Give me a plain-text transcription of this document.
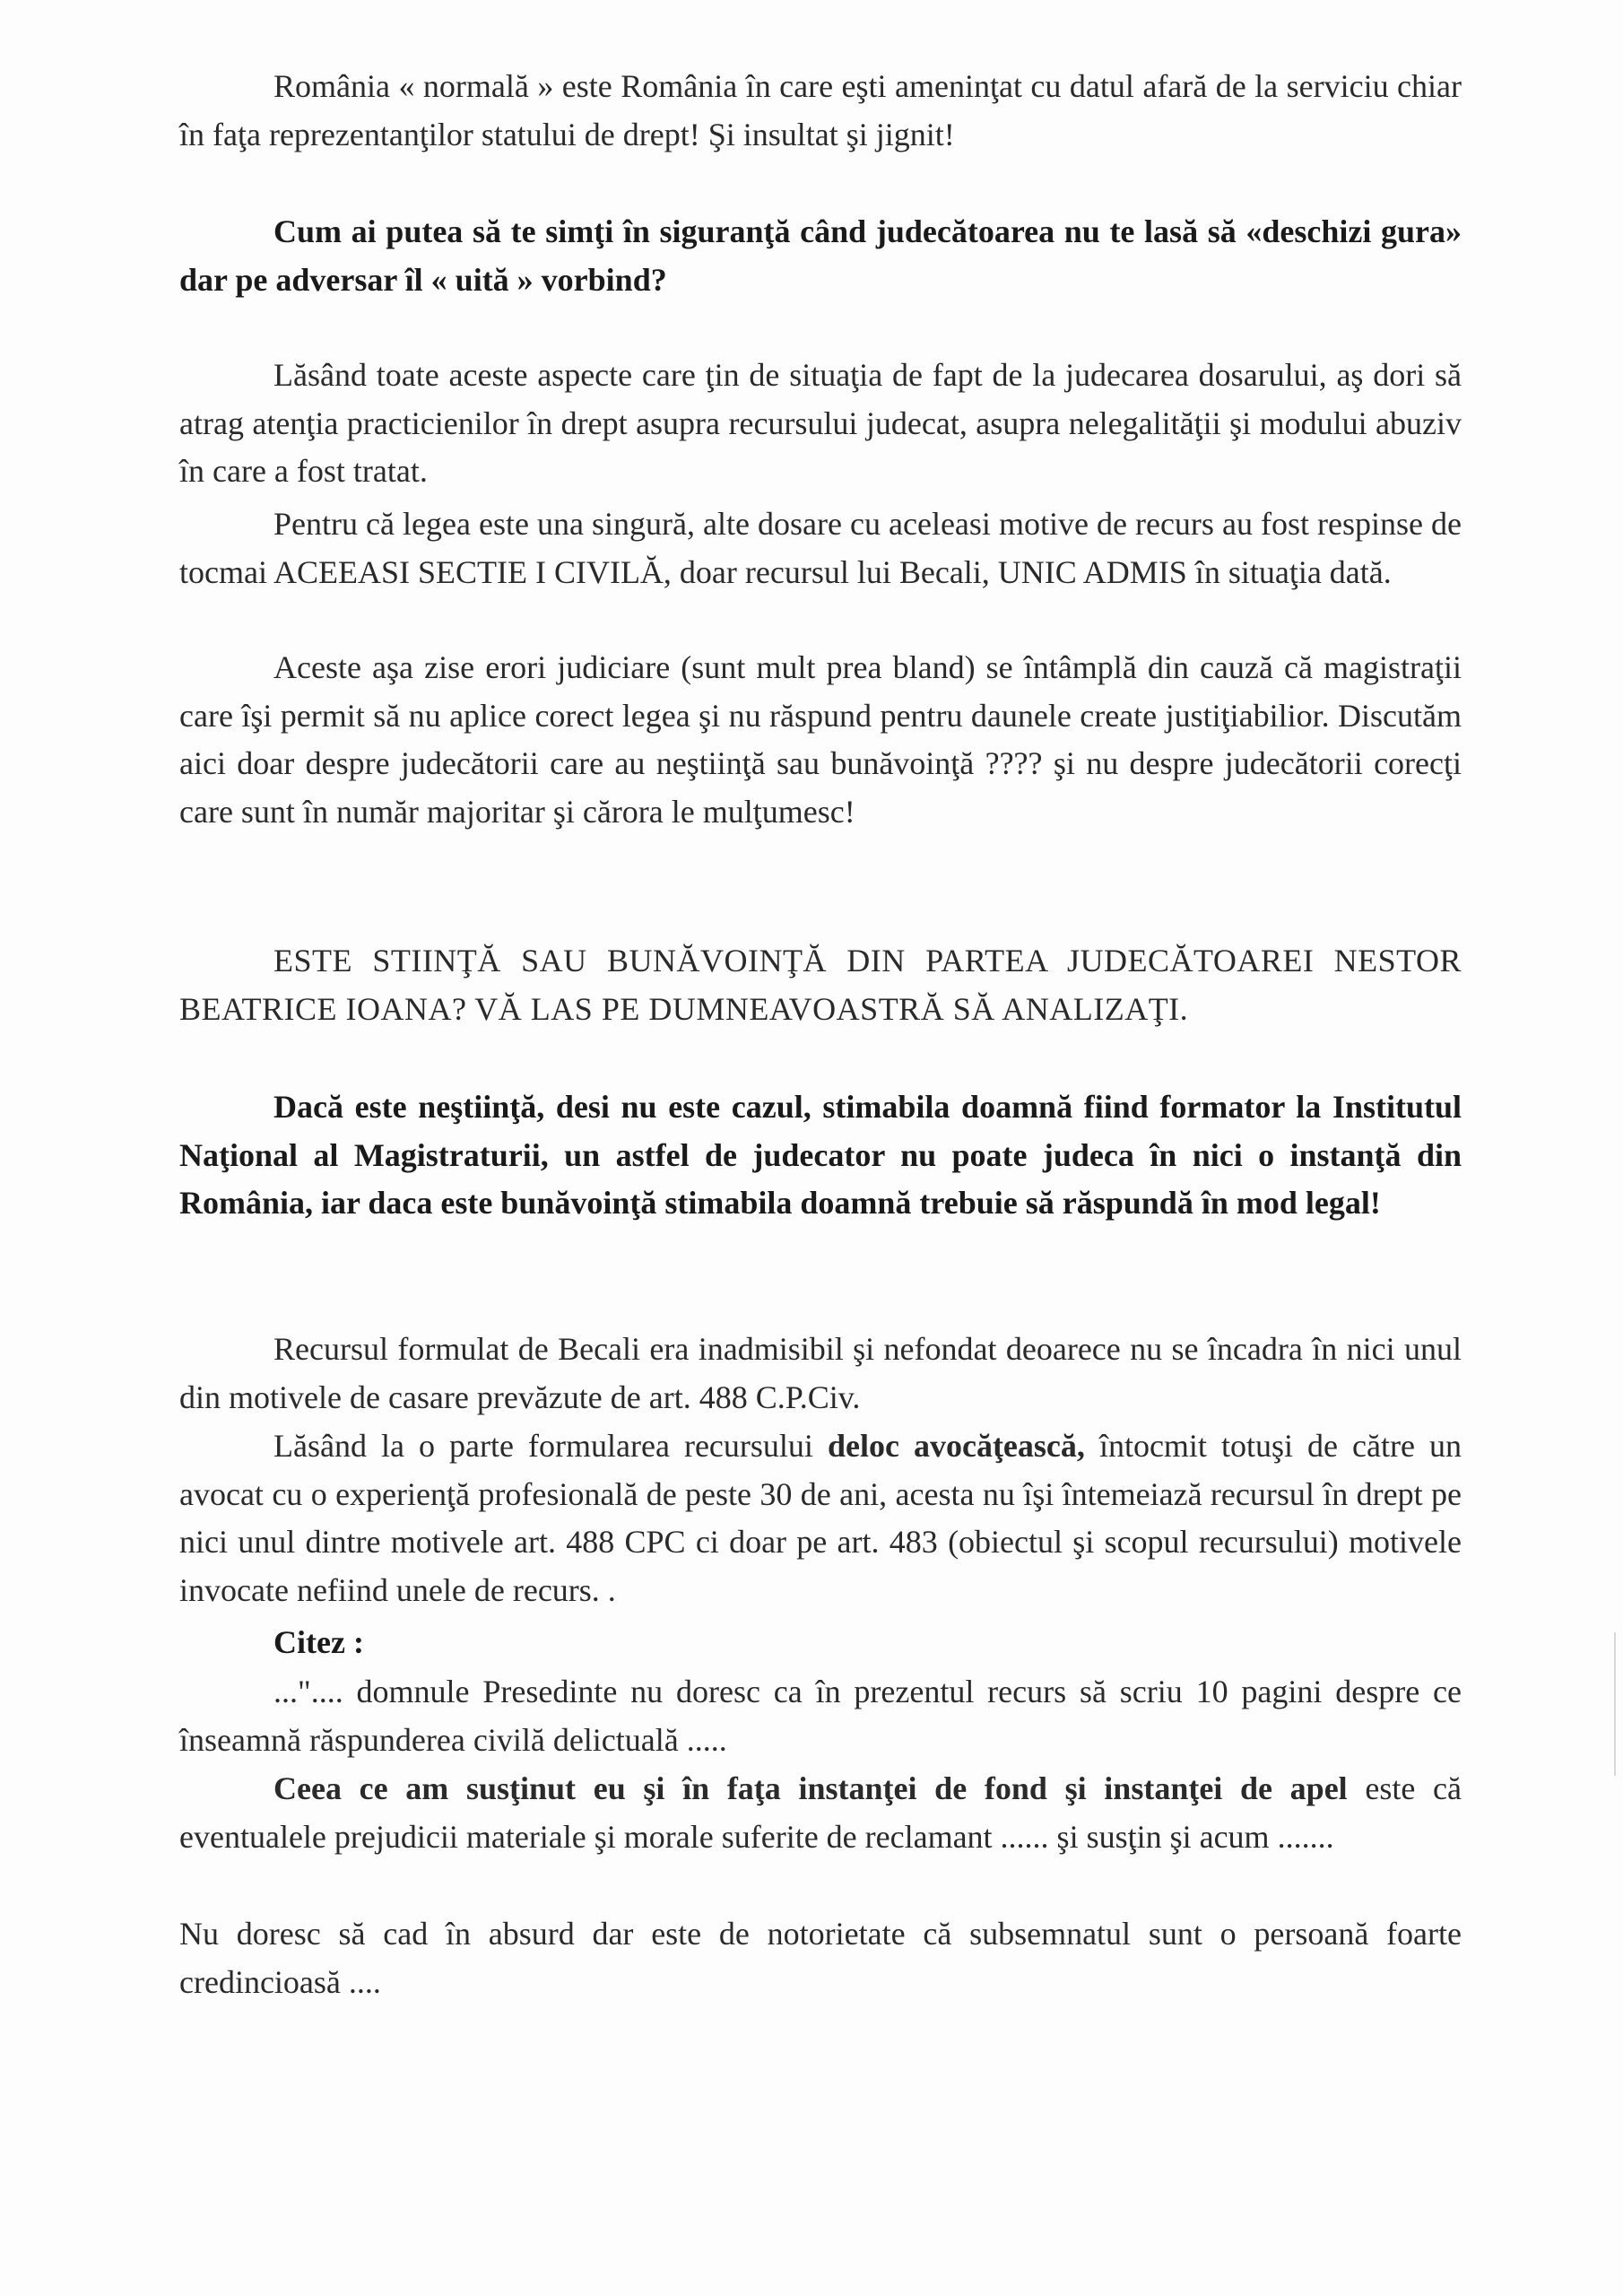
România « normală » este România în care eşti ameninţat cu datul afară de la serviciu chiar în faţa reprezentanţilor statului de drept! Şi insultat şi jignit!

Cum ai putea să te simţi în siguranţă când judecătoarea nu te lasă să «deschizi gura» dar pe adversar îl « uită » vorbind?

Lăsând toate aceste aspecte care ţin de situaţia de fapt de la judecarea dosarului, aş dori să atrag atenţia practicienilor în drept asupra recursului judecat, asupra nelegalităţii şi modului abuziv în care a fost tratat.

Pentru că legea este una singură, alte dosare cu aceleasi motive de recurs au fost respinse de tocmai ACEEASI SECTIE I CIVILĂ, doar recursul lui Becali, UNIC ADMIS în situaţia dată.

Aceste aşa zise erori judiciare (sunt mult prea bland) se întâmplă din cauză că magistraţii care îşi permit să nu aplice corect legea şi nu răspund pentru daunele create justiţiabilior. Discutăm aici doar despre judecătorii care au neştiinţă sau bunăvoinţă ???? şi nu despre judecătorii corecţi care sunt în număr majoritar şi cărora le mulţumesc!

ESTE STIINŢĂ SAU BUNĂVOINŢĂ DIN PARTEA JUDECĂTOAREI NESTOR BEATRICE IOANA? VĂ LAS PE DUMNEAVOASTRĂ SĂ ANALIZAŢI.

Dacă este neştiinţă, desi nu este cazul, stimabila doamnă fiind formator la Institutul Naţional al Magistraturii, un astfel de judecator nu poate judeca în nici o instanţă din România, iar daca este bunăvoinţă stimabila doamnă trebuie să răspundă în mod legal!

Recursul formulat de Becali era inadmisibil şi nefondat deoarece nu se încadra în nici unul din motivele de casare prevăzute de art. 488 C.P.Civ.

Lăsând la o parte formularea recursului deloc avocăţească, întocmit totuşi de către un avocat cu o experienţă profesională de peste 30 de ani, acesta nu îşi întemeiază recursul în drept pe nici unul dintre motivele art. 488 CPC ci doar pe art. 483 (obiectul şi scopul recursului) motivele invocate nefiind unele de recurs. .

Citez :

...".... domnule Presedinte nu doresc ca în prezentul recurs să scriu 10 pagini despre ce înseamnă răspunderea civilă delictuală .....

Ceea ce am susţinut eu şi în faţa instanţei de fond şi instanţei de apel este că eventualele prejudicii materiale şi morale suferite de reclamant ...... şi susţin şi acum .......

Nu doresc să cad în absurd dar este de notorietate că subsemnatul sunt o persoană foarte credincioasă ....
